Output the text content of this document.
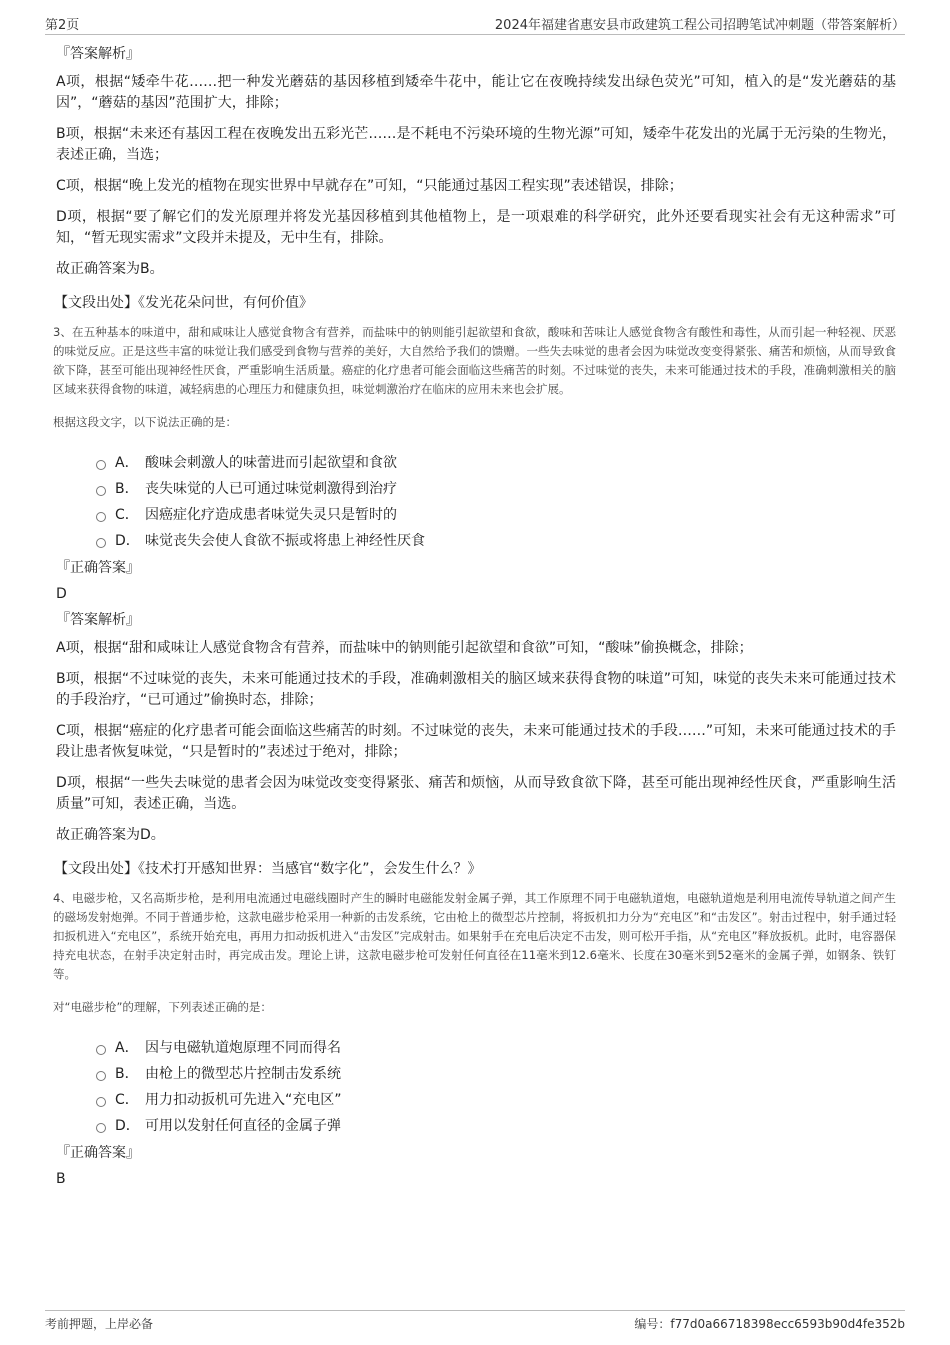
第2页	2024年福建省惠安县市政建筑工程公司招聘笔试冲刺题（带答案解析）
『答案解析』

A项，根据“矮牵牛花……把一种发光蘑菇的基因移植到矮牵牛花中，能让它在夜晚持续发出绿色荧光”可知，植入的是“发光蘑菇的基因”，“蘑菇的基因”范围扩大，排除；

B项，根据“未来还有基因工程在夜晚发出五彩光芒……是不耗电不污染环境的生物光源”可知，矮牵牛花发出的光属于无污染的生物光，表述正确，当选；

C项，根据“晚上发光的植物在现实世界中早就存在”可知，“只能通过基因工程实现”表述错误，排除；

D项，根据“要了解它们的发光原理并将发光基因移植到其他植物上，是一项艰难的科学研究，此外还要看现实社会有无这种需求”可知，“暂无现实需求”文段并未提及，无中生有，排除。

故正确答案为B。
【文段出处】《发光花朵问世，有何价值》

3、在五种基本的味道中，甜和咸味让人感觉食物含有营养，而盐味中的钠则能引起欲望和食欲，酸味和苦味让人感觉食物含有酸性和毒性，从而引起一种轻视、厌恶的味觉反应。正是这些丰富的味觉让我们感受到食物与营养的美好，大自然给予我们的馈赠。一些失去味觉的患者会因为味觉改变变得紧张、痛苦和烦恼，从而导致食欲下降，甚至可能出现神经性厌食，严重影响生活质量。癌症的化疗患者可能会面临这些痛苦的时刻。不过味觉的丧失，未来可能通过技术的手段，准确刺激相关的脑区域来获得食物的味道，减轻病患的心理压力和健康负担，味觉刺激治疗在临床的应用未来也会扩展。

根据这段文字，以下说法正确的是：
A． 酸味会刺激人的味蕾进而引起欲望和食欲
B． 丧失味觉的人已可通过味觉刺激得到治疗
C． 因癌症化疗造成患者味觉失灵只是暂时的
D． 味觉丧失会使人食欲不振或将患上神经性厌食
『正确答案』
D
『答案解析』

A项，根据“甜和咸味让人感觉食物含有营养，而盐味中的钠则能引起欲望和食欲”可知，“酸味”偷换概念，排除；

B项，根据“不过味觉的丧失，未来可能通过技术的手段，准确刺激相关的脑区域来获得食物的味道”可知，味觉的丧失未来可能通过技术的手段治疗，“已可通过”偷换时态，排除；

C项，根据“癌症的化疗患者可能会面临这些痛苦的时刻。不过味觉的丧失，未来可能通过技术的手段……”可知，未来可能通过技术的手段让患者恢复味觉，“只是暂时的”表述过于绝对，排除；

D项，根据“一些失去味觉的患者会因为味觉改变变得紧张、痛苦和烦恼，从而导致食欲下降，甚至可能出现神经性厌食，严重影响生活质量”可知，表述正确，当选。

故正确答案为D。
【文段出处】《技术打开感知世界：当感官“数字化”，会发生什么？》

4、电磁步枪，又名高斯步枪，是利用电流通过电磁线圈时产生的瞬时电磁能发射金属子弹，其工作原理不同于电磁轨道炮，电磁轨道炮是利用电流传导轨道之间产生的磁场发射炮弹。不同于普通步枪，这款电磁步枪采用一种新的击发系统，它由枪上的微型芯片控制，将扳机扣力分为“充电区”和“击发区”。射击过程中，射手通过轻扣扳机进入“充电区”，系统开始充电，再用力扣动扳机进入“击发区”完成射击。如果射手在充电后决定不击发，则可松开手指，从“充电区”释放扳机。此时，电容器保持充电状态，在射手决定射击时，再完成击发。理论上讲，这款电磁步枪可发射任何直径在11毫米到12.6毫米、长度在30毫米到52毫米的金属子弹，如钢条、铁钉等。

对“电磁步枪”的理解，下列表述正确的是：
A． 因与电磁轨道炮原理不同而得名
B． 由枪上的微型芯片控制击发系统
C． 用力扣动扳机可先进入“充电区”
D． 可用以发射任何直径的金属子弹
『正确答案』
B
考前押题，上岸必备	编号：f77d0a66718398ecc6593b90d4fe352b
